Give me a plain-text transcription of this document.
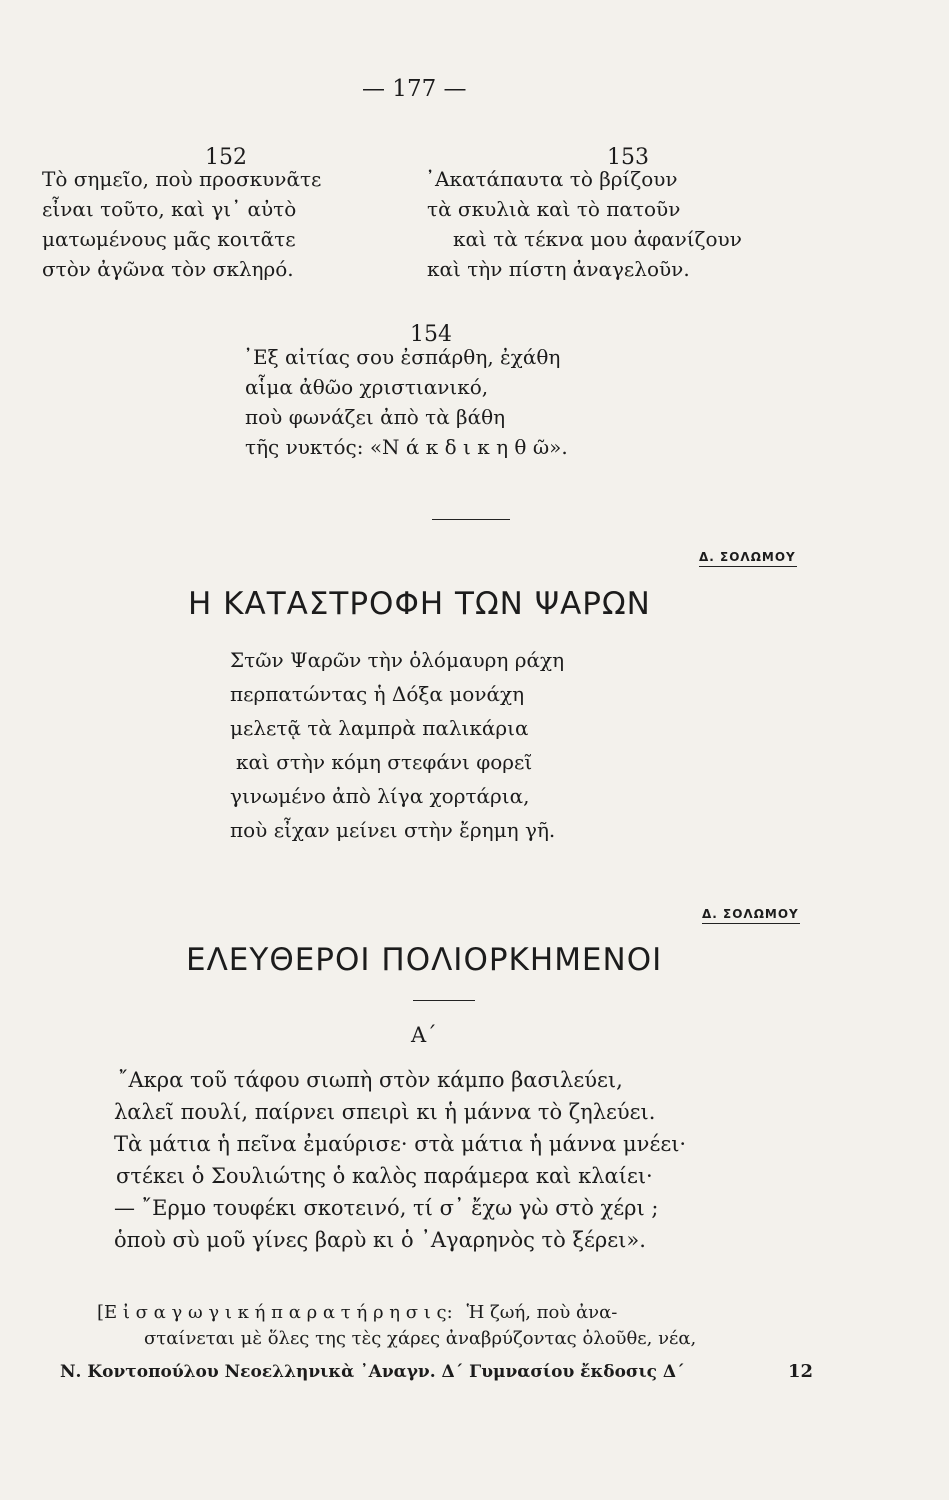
— 177 —
152
Τὸ σημεῖο, ποὺ προσκυνᾶτε
εἶναι τοῦτο, καὶ γι᾿ αὐτὸ
ματωμένους μᾶς κοιτᾶτε
στὸν ἀγῶνα τὸν σκληρό.
153
᾿Ακατάπαυτα τὸ βρίζουν
τὰ σκυλιὰ καὶ τὸ πατοῦν
καὶ τὰ τέκνα μου ἀφανίζουν
καὶ τὴν πίστη ἀναγελοῦν.
154
᾿Εξ αἰτίας σου ἐσπάρθη, ἐχάθη
αἷμα ἀθῶο χριστιανικό,
ποὺ φωνάζει ἀπὸ τὰ βάθη
τῆς νυκτός: «Ν ά κ δ ι κ η θ ῶ».
Δ. ΣΟΛΩΜΟΥ
Η ΚΑΤΑΣΤΡΟΦΗ ΤΩΝ ΨΑΡΩΝ
Στῶν Ψαρῶν τὴν ὁλόμαυρη ράχη
περπατώντας ἡ Δόξα μονάχη
μελετᾷ τὰ λαμπρὰ παλικάρια
καὶ στὴν κόμη στεφάνι φορεῖ
γινωμένο ἀπὸ λίγα χορτάρια,
ποὺ εἶχαν μείνει στὴν ἔρημη γῆ.
Δ. ΣΟΛΩΜΟΥ
ΕΛΕΥΘΕΡΟΙ ΠΟΛΙΟΡΚΗΜΕΝΟΙ
Α΄
῎Ακρα τοῦ τάφου σιωπὴ στὸν κάμπο βασιλεύει,
λαλεῖ πουλί, παίρνει σπειρὶ κι ἡ μάννα τὸ ζηλεύει.
Τὰ μάτια ἡ πεῖνα ἐμαύρισε· στὰ μάτια ἡ μάννα μνέει·
στέκει ὁ Σουλιώτης ὁ καλὸς παράμερα καὶ κλαίει·
— ῎Ερμο τουφέκι σκοτεινό, τί σ᾿ ἔχω γὼ στὸ χέρι ;
ὁποὺ σὺ μοῦ γίνες βαρὺ κι ὁ ᾿Αγαρηνὸς τὸ ξέρει».
[Ε ἰ σ α γ ω γ ι κ ή π α ρ α τ ή ρ η σ ι ς: Ἡ ζωή, ποὺ ἀνα-
σταίνεται μὲ ὅλες της τὲς χάρες ἀναβρύζοντας ὁλοῦθε, νέα,
Ν. Κοντοπούλου Νεοελληνικὰ ᾿Αναγν. Δ΄ Γυμνασίου ἔκδοσις Δ΄	12
